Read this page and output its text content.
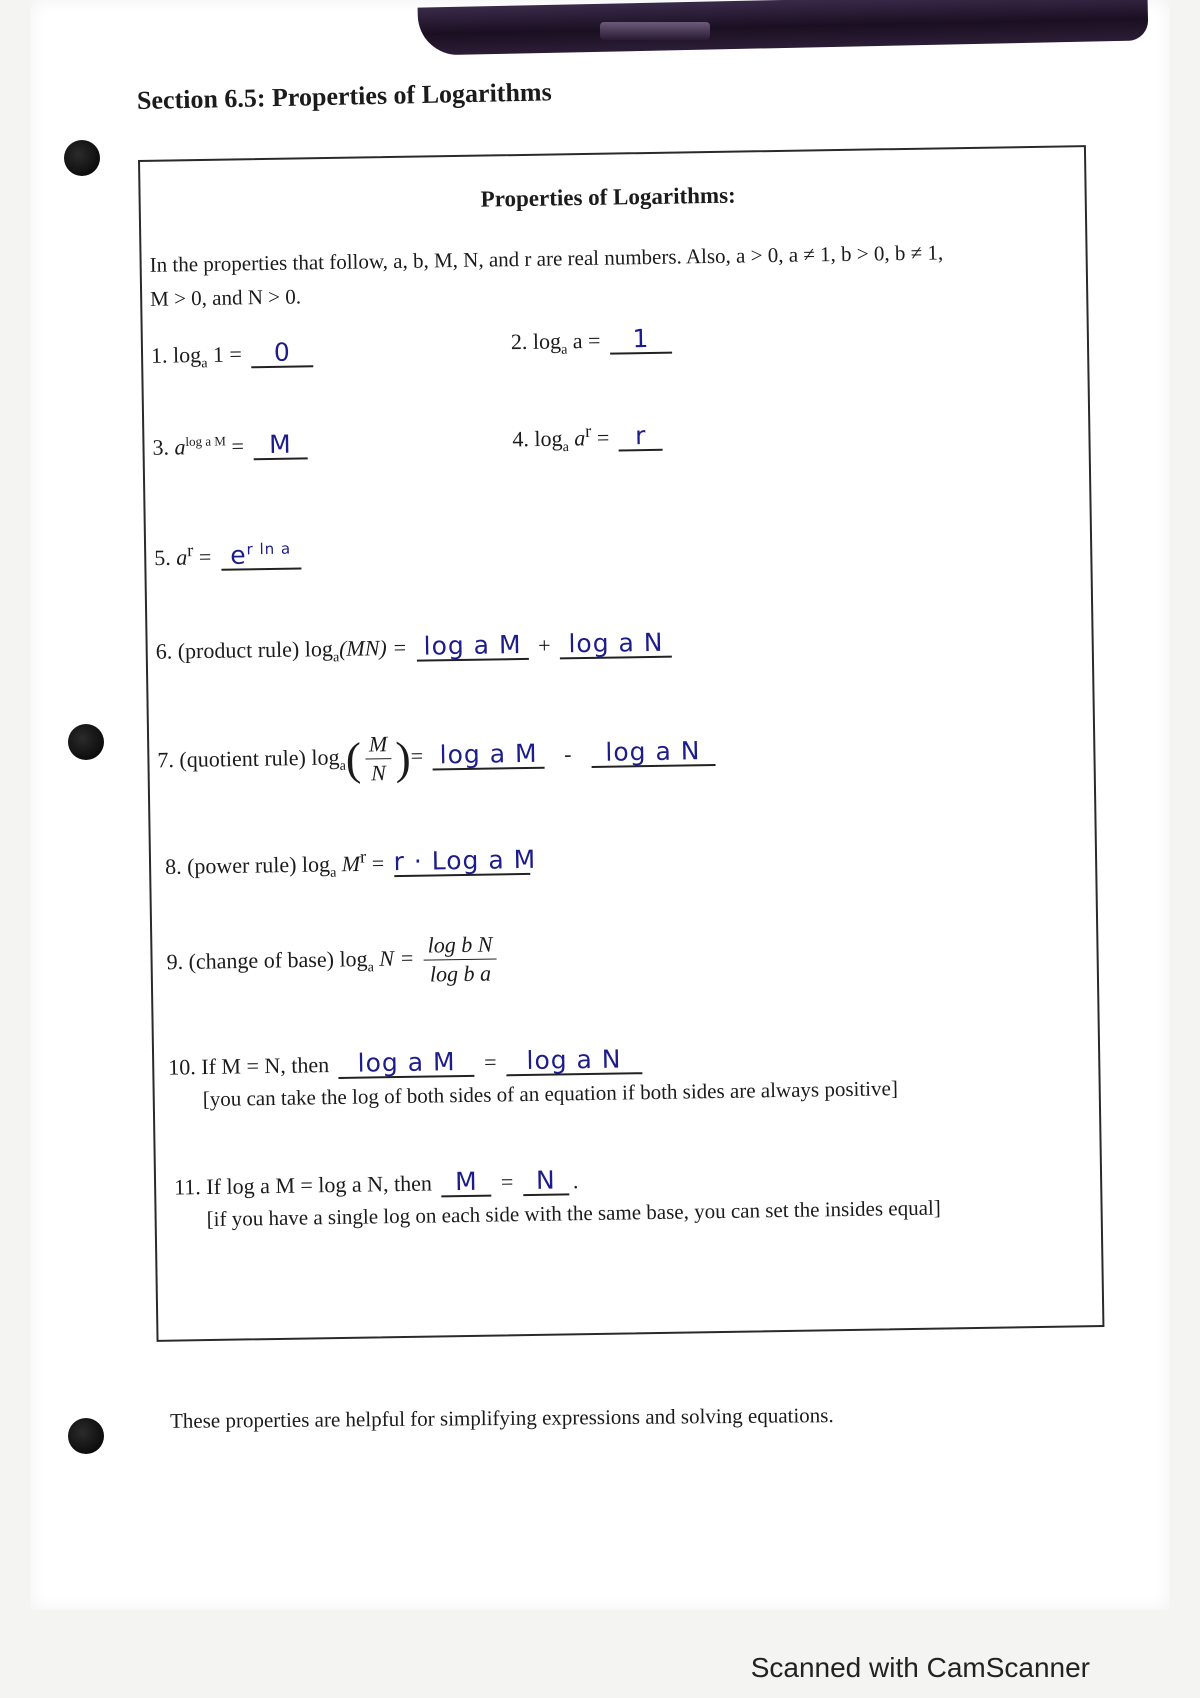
Section 6.5: Properties of Logarithms
Properties of Logarithms:
In the properties that follow, a, b, M, N, and r are real numbers. Also, a > 0, a ≠ 1, b > 0, b ≠ 1,
M > 0, and N > 0.
1. $\log_a 1 = 0$	2. $\log_a a = 1$
3. $a^{log a M} = M$	4. $\log_a a^r = r$
5. $a^r = e^{r ln a}$
6. (product rule) $\log_a(MN) = \log a$ M + log a N
7. (quotient rule) $\log_a( \frac{M}{N}$ )= log a M - log a N
8. (power rule) $\log_a M^r = r$ · Log a M
9. (change of base) $\log_a N = \frac{\text{log b N}}{\text{log b a}}$
10. If M = N, then log a M = log a N
[you can take the log of both sides of an equation if both sides are always positive]
11. If log a M = log a N, then M = N .
[if you have a single log on each side with the same base, you can set the insides equal]
These properties are helpful for simplifying expressions and solving equations.
Scanned with CamScanner
